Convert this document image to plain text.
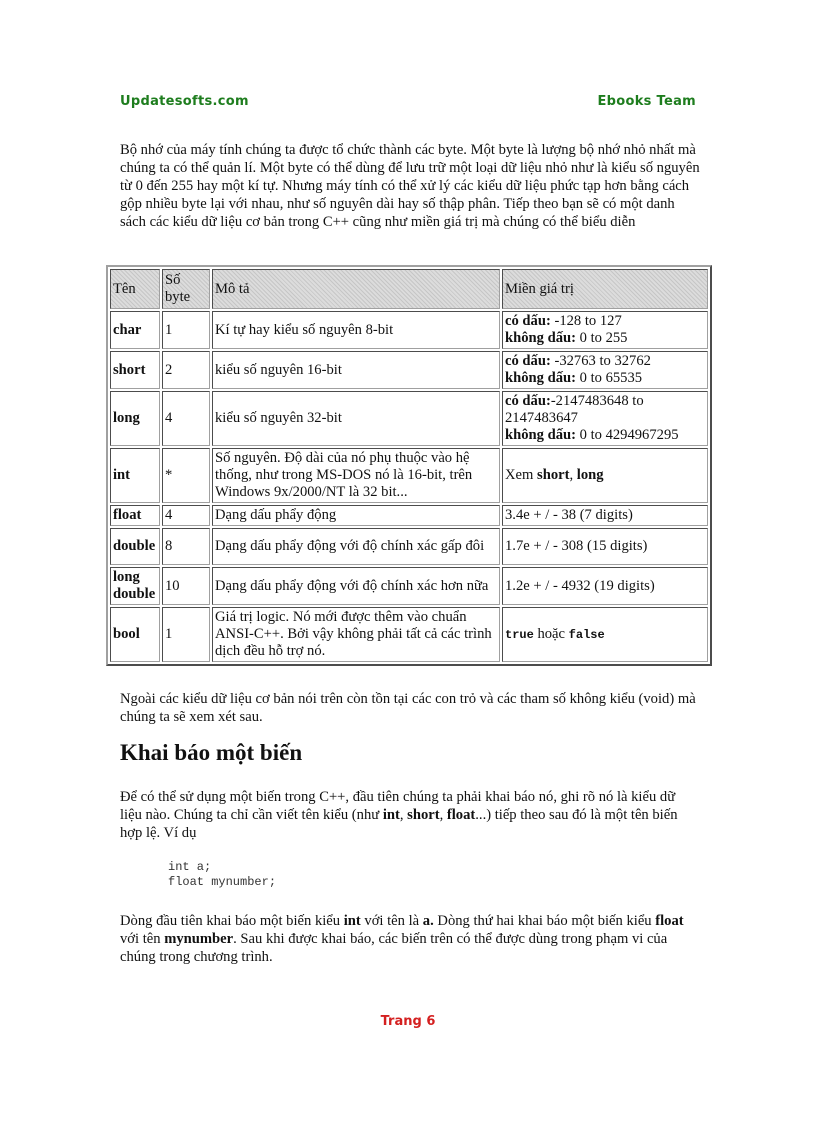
Updatesofts.com	Ebooks Team

Bộ nhớ của máy tính chúng ta được tổ chức thành các byte. Một byte là lượng bộ nhớ nhỏ nhất mà chúng ta có thể quản lí. Một byte có thể dùng để lưu trữ một loại dữ liệu nhỏ như là kiểu số nguyên từ 0 đến 255 hay một kí tự. Nhưng máy tính có thể xử lý các kiểu dữ liệu phức tạp hơn bằng cách gộp nhiều byte lại với nhau, như số nguyên dài hay số thập phân. Tiếp theo bạn sẽ có một danh sách các kiểu dữ liệu cơ bản trong C++ cũng như miền giá trị mà chúng có thể biểu diễn

Tên	Số byte	Mô tả	Miền giá trị
char	1	Kí tự hay kiểu số nguyên 8-bit	có dấu: -128 to 127
không dấu: 0 to 255
short	2	kiểu số nguyên 16-bit	có dấu: -32763 to 32762
không dấu: 0 to 65535
long	4	kiểu số nguyên 32-bit	có dấu:-2147483648 to 2147483647
không dấu: 0 to 4294967295
int	*	Số nguyên. Độ dài của nó phụ thuộc vào hệ thống, như trong MS-DOS nó là 16-bit, trên Windows 9x/2000/NT là 32 bit...	Xem short, long
float	4	Dạng dấu phẩy động	3.4e + / - 38 (7 digits)
double	8	Dạng dấu phẩy động với độ chính xác gấp đôi	1.7e + / - 308 (15 digits)
long double	10	Dạng dấu phẩy động với độ chính xác hơn nữa	1.2e + / - 4932 (19 digits)
bool	1	Giá trị logic. Nó mới được thêm vào chuẩn ANSI-C++. Bởi vậy không phải tất cả các trình dịch đều hỗ trợ nó.	true hoặc false

Ngoài các kiểu dữ liệu cơ bản nói trên còn tồn tại các con trỏ và các tham số không kiểu (void) mà chúng ta sẽ xem xét sau.

Khai báo một biến

Để có thể sử dụng một biến trong C++, đầu tiên chúng ta phải khai báo nó, ghi rõ nó là kiểu dữ liệu nào. Chúng ta chỉ cần viết tên kiểu (như int, short, float...) tiếp theo sau đó là một tên biến hợp lệ. Ví dụ

int a;
float mynumber;

Dòng đầu tiên khai báo một biến kiểu int với tên là a. Dòng thứ hai khai báo một biến kiểu float với tên mynumber. Sau khi được khai báo, các biến trên có thể được dùng trong phạm vi của chúng trong chương trình.

Trang 6
